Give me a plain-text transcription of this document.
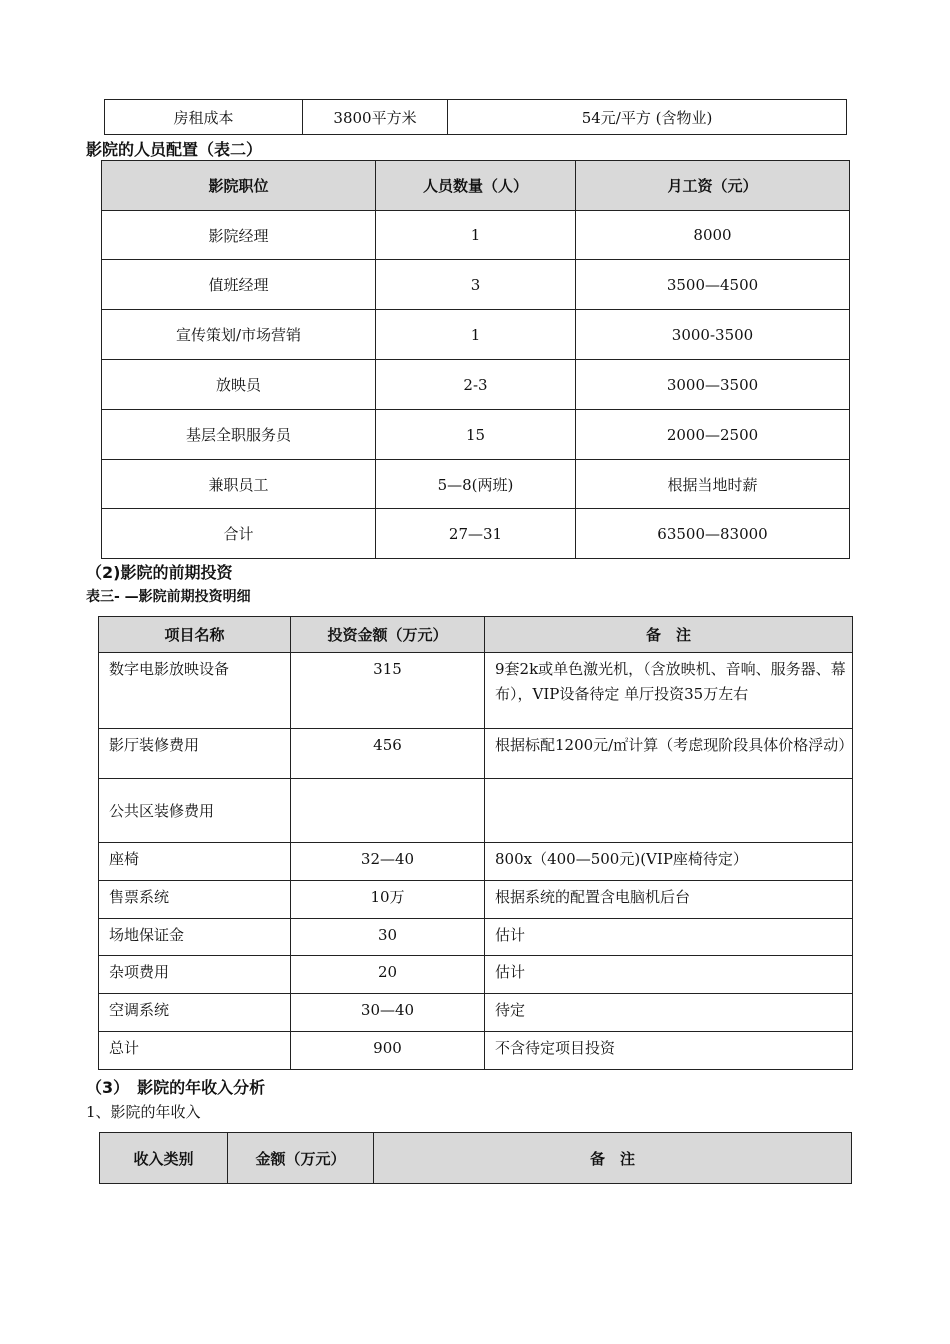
房租成本	3800平方米	54元/平方 (含物业)
影院的人员配置（表二）
影院职位	人员数量（人）	月工资（元）
影院经理	1	8000
值班经理	3	3500—4500
宣传策划/市场营销	1	3000-3500
放映员	2-3	3000—3500
基层全职服务员	15	2000—2500
兼职员工	5—8(两班)	根据当地时薪
合计	27—31	63500—83000
（2)影院的前期投资
表三- —影院前期投资明细
项目名称	投资金额（万元）	备　注
数字电影放映设备	315	9套2k或单色激光机，（含放映机、音响、服务器、幕布），VIP设备待定 单厅投资35万左右
影厅装修费用	456	根据标配1200元/㎡计算（考虑现阶段具体价格浮动）
公共区装修费用		
座椅	32—40	800x（400—500元)(VIP座椅待定）
售票系统	10万	根据系统的配置含电脑机后台
场地保证金	30	估计
杂项费用	20	估计
空调系统	30—40	待定
总计	900	不含待定项目投资
（3）　影院的年收入分析
1、影院的年收入
收入类别	金额（万元）	备　注
